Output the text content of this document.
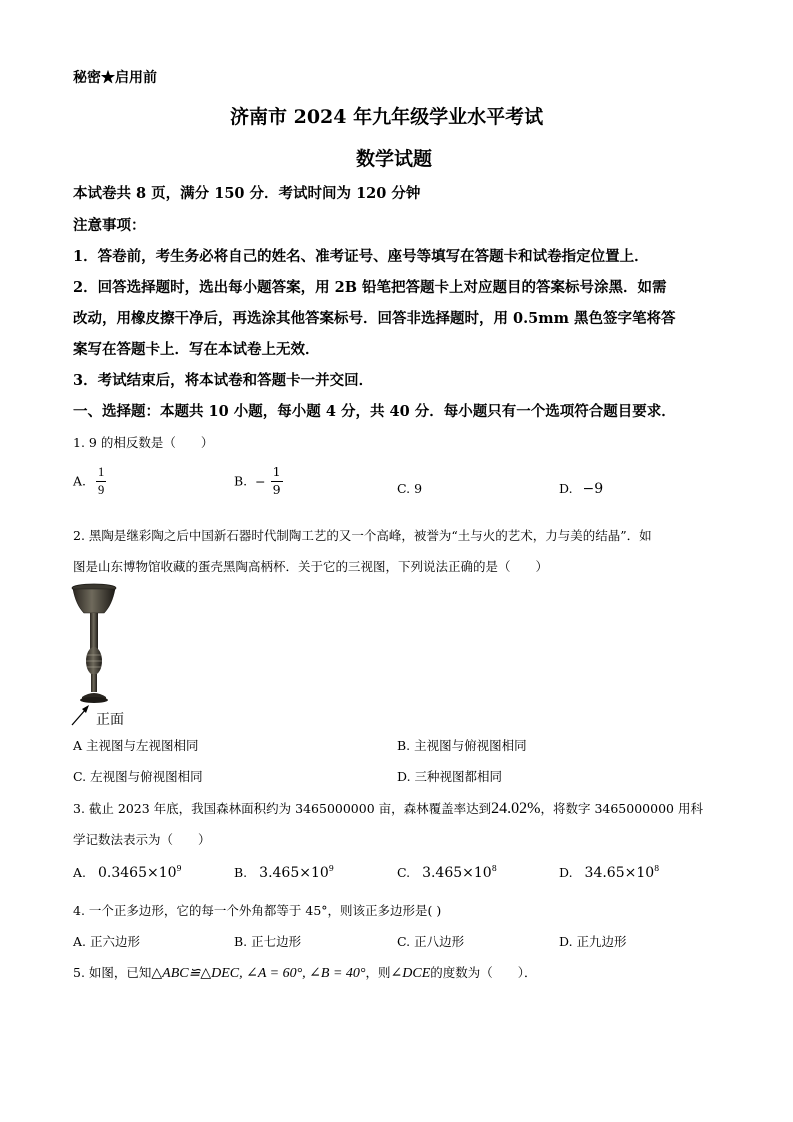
秘密★启用前
济南市 2024 年九年级学业水平考试
数学试题
本试卷共 8 页，满分 150 分．考试时间为 120 分钟
注意事项：
1．答卷前，考生务必将自己的姓名、准考证号、座号等填写在答题卡和试卷指定位置上．
2．回答选择题时，选出每小题答案，用 2B 铅笔把答题卡上对应题目的答案标号涂黑．如需
改动，用橡皮擦干净后，再选涂其他答案标号．回答非选择题时，用 0.5mm 黑色签字笔将答
案写在答题卡上．写在本试卷上无效．
3．考试结束后，将本试卷和答题卡一并交回．
一、选择题：本题共 10 小题，每小题 4 分，共 40 分．每小题只有一个选项符合题目要求．
1. 9 的相反数是（　　）
A. $\frac{1}{9}$	B. − $\frac{1}{9}$	C. 9	D. −9
2. 黑陶是继彩陶之后中国新石器时代制陶工艺的又一个高峰，被誉为“土与火的艺术，力与美的结晶”．如
图是山东博物馆收藏的蛋壳黑陶高柄杯．关于它的三视图，下列说法正确的是（　　）
正面
A 主视图与左视图相同	B. 主视图与俯视图相同
C. 左视图与俯视图相同	D. 三种视图都相同
3. 截止 2023 年底，我国森林面积约为 3465000000 亩，森林覆盖率达到24.02%，将数字 3465000000 用科
学记数法表示为（　　）
A. $0.3465\times 10^9$	B. $3.465\times 10^9$	C. $3.465\times 10^8$	D. $34.65\times 10^8$
4. 一个正多边形，它的每一个外角都等于 45°，则该正多边形是( )
A. 正六边形	B. 正七边形	C. 正八边形	D. 正九边形
5. 如图，已知△ABC≌△DEC, ∠A = 60°, ∠B = 40°，则∠DCE的度数为（　　）．
